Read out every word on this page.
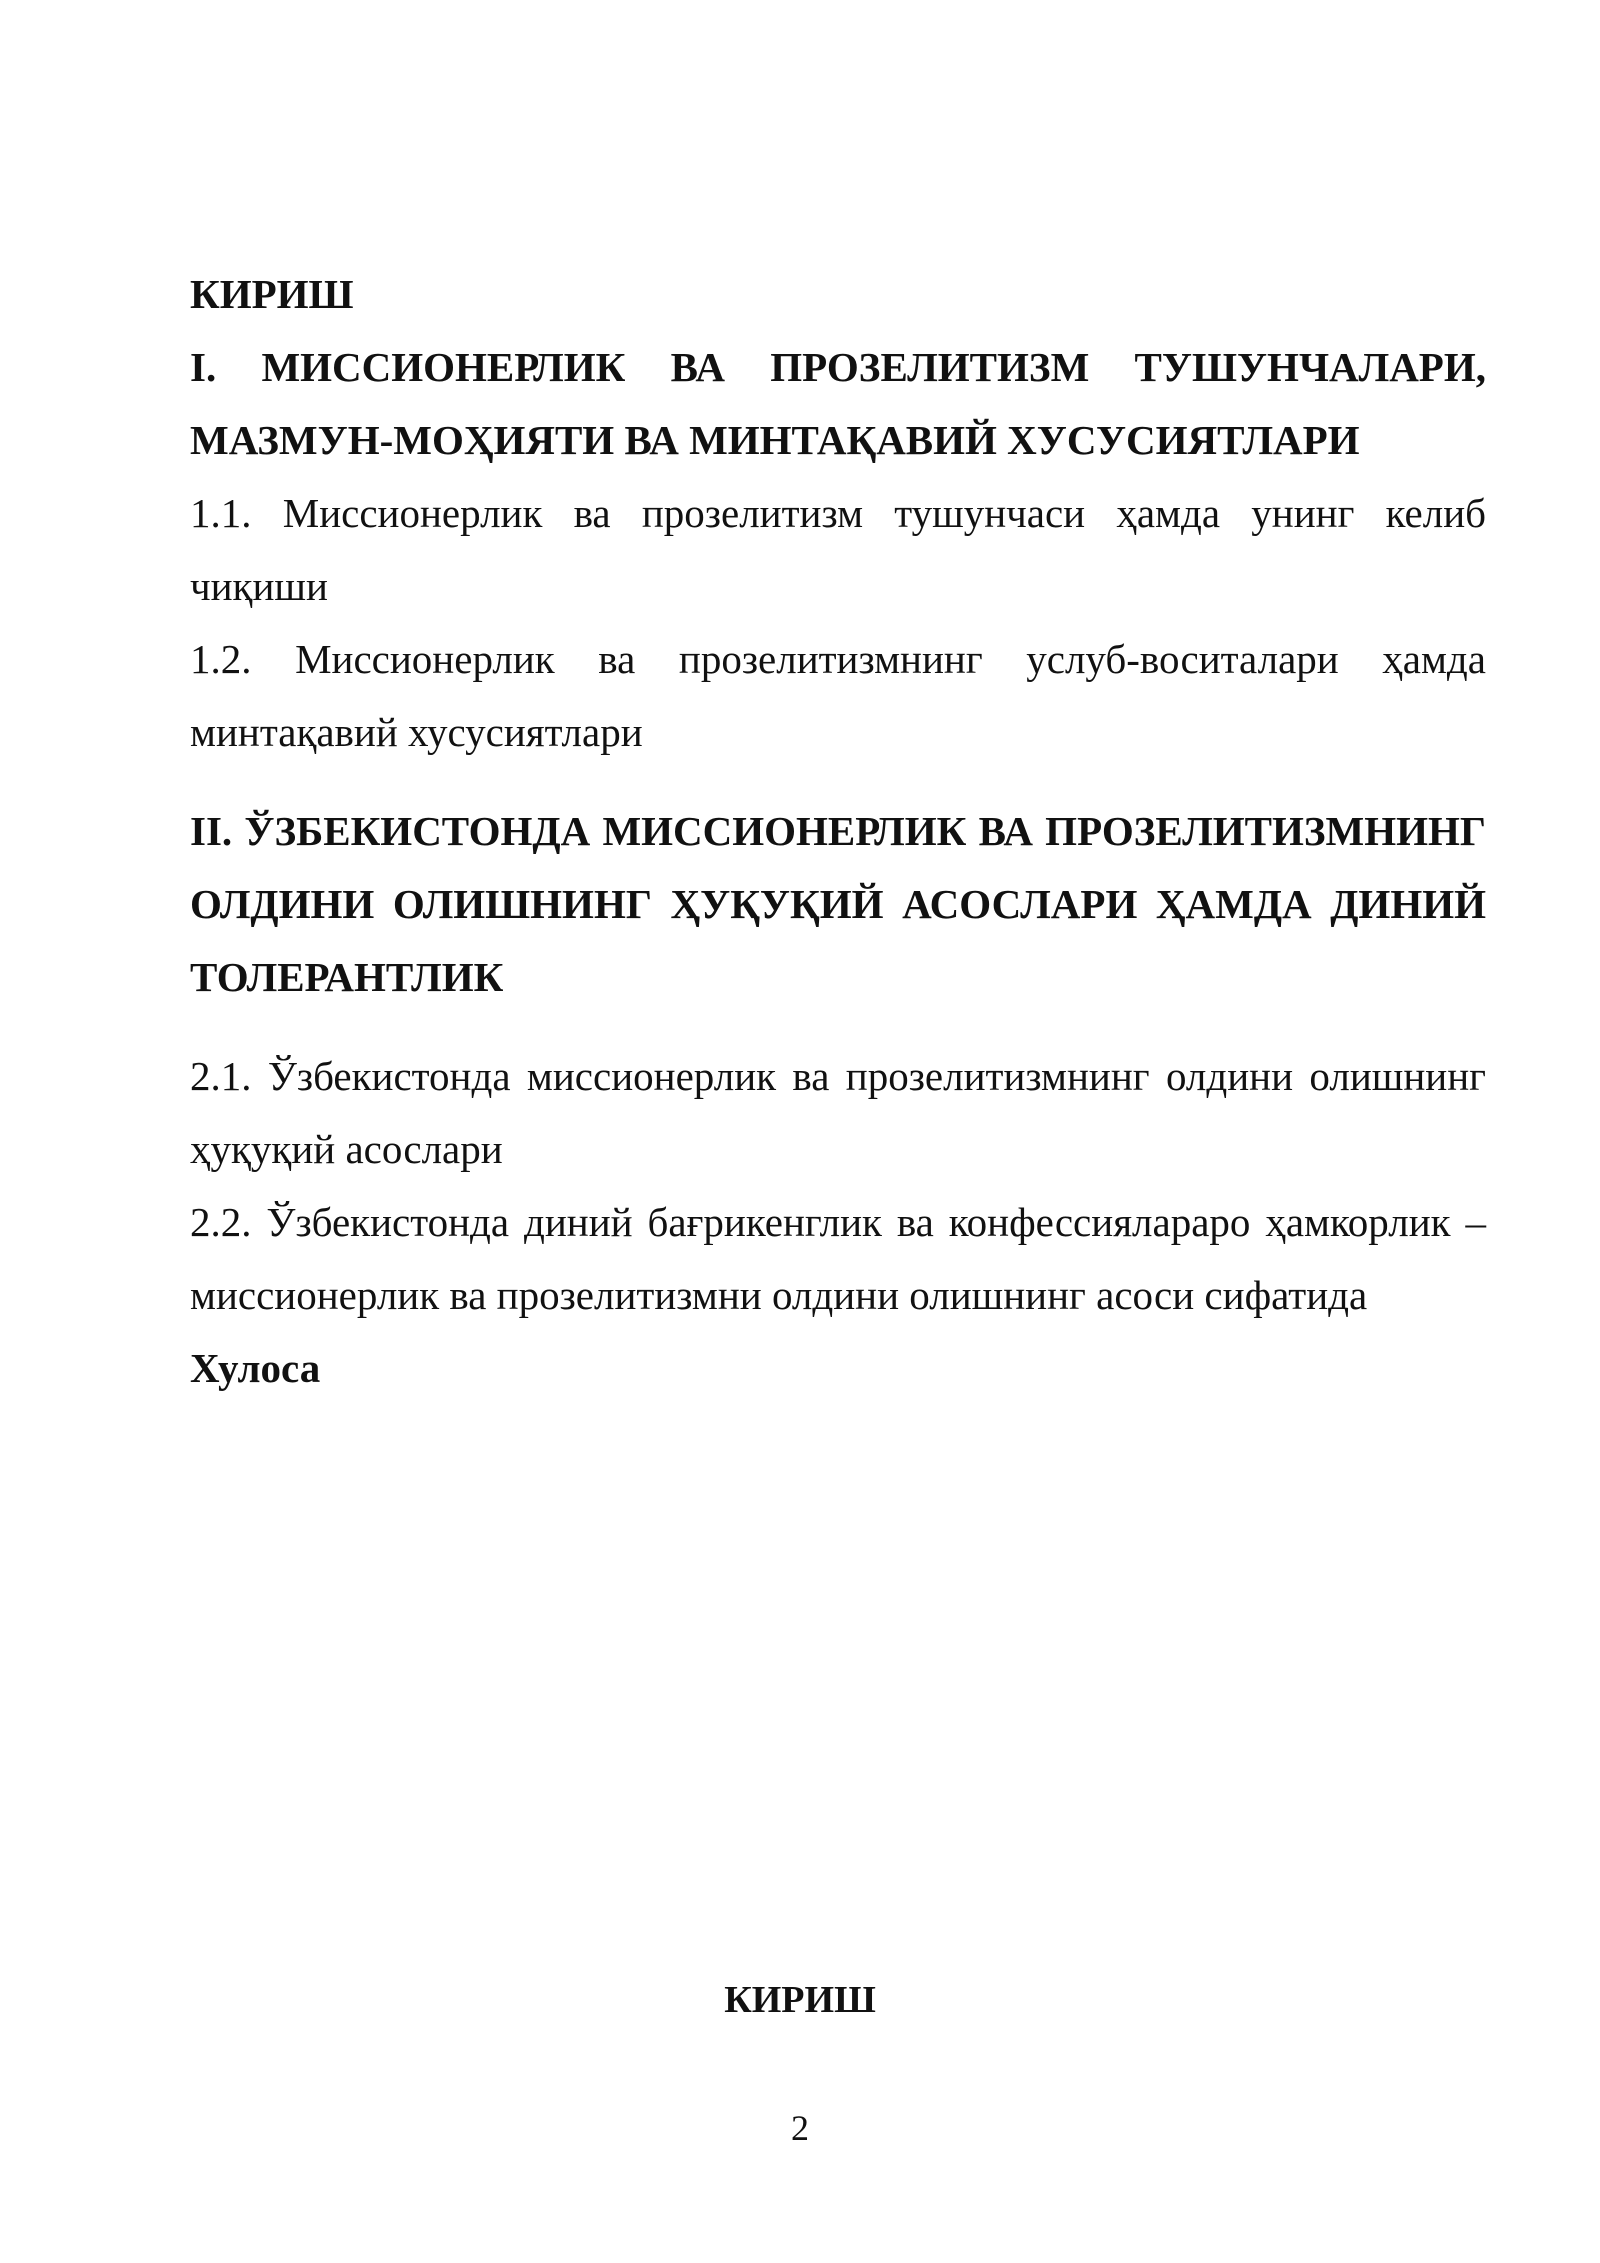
КИРИШ

I. МИССИОНЕРЛИК ВА ПРОЗЕЛИТИЗМ ТУШУНЧАЛАРИ, МАЗМУН-МОҲИЯТИ ВА МИНТАҚАВИЙ ХУСУСИЯТЛАРИ

1.1. Миссионерлик ва прозелитизм тушунчаси ҳамда унинг келиб чиқиши

1.2. Миссионерлик ва прозелитизмнинг услуб-воситалари ҳамда минтақавий хусусиятлари

II. ЎЗБЕКИСТОНДА МИССИОНЕРЛИК ВА ПРОЗЕЛИТИЗМНИНГ ОЛДИНИ ОЛИШНИНГ ҲУҚУҚИЙ АСОСЛАРИ ҲАМДА ДИНИЙ ТОЛЕРАНТЛИК

2.1. Ўзбекистонда миссионерлик ва прозелитизмнинг олдини олишнинг ҳуқуқий асослари

2.2. Ўзбекистонда диний бағрикенглик ва конфессиялараро ҳамкорлик – миссионерлик ва прозелитизмни олдини олишнинг асоси сифатида

Хулоса

КИРИШ
2
